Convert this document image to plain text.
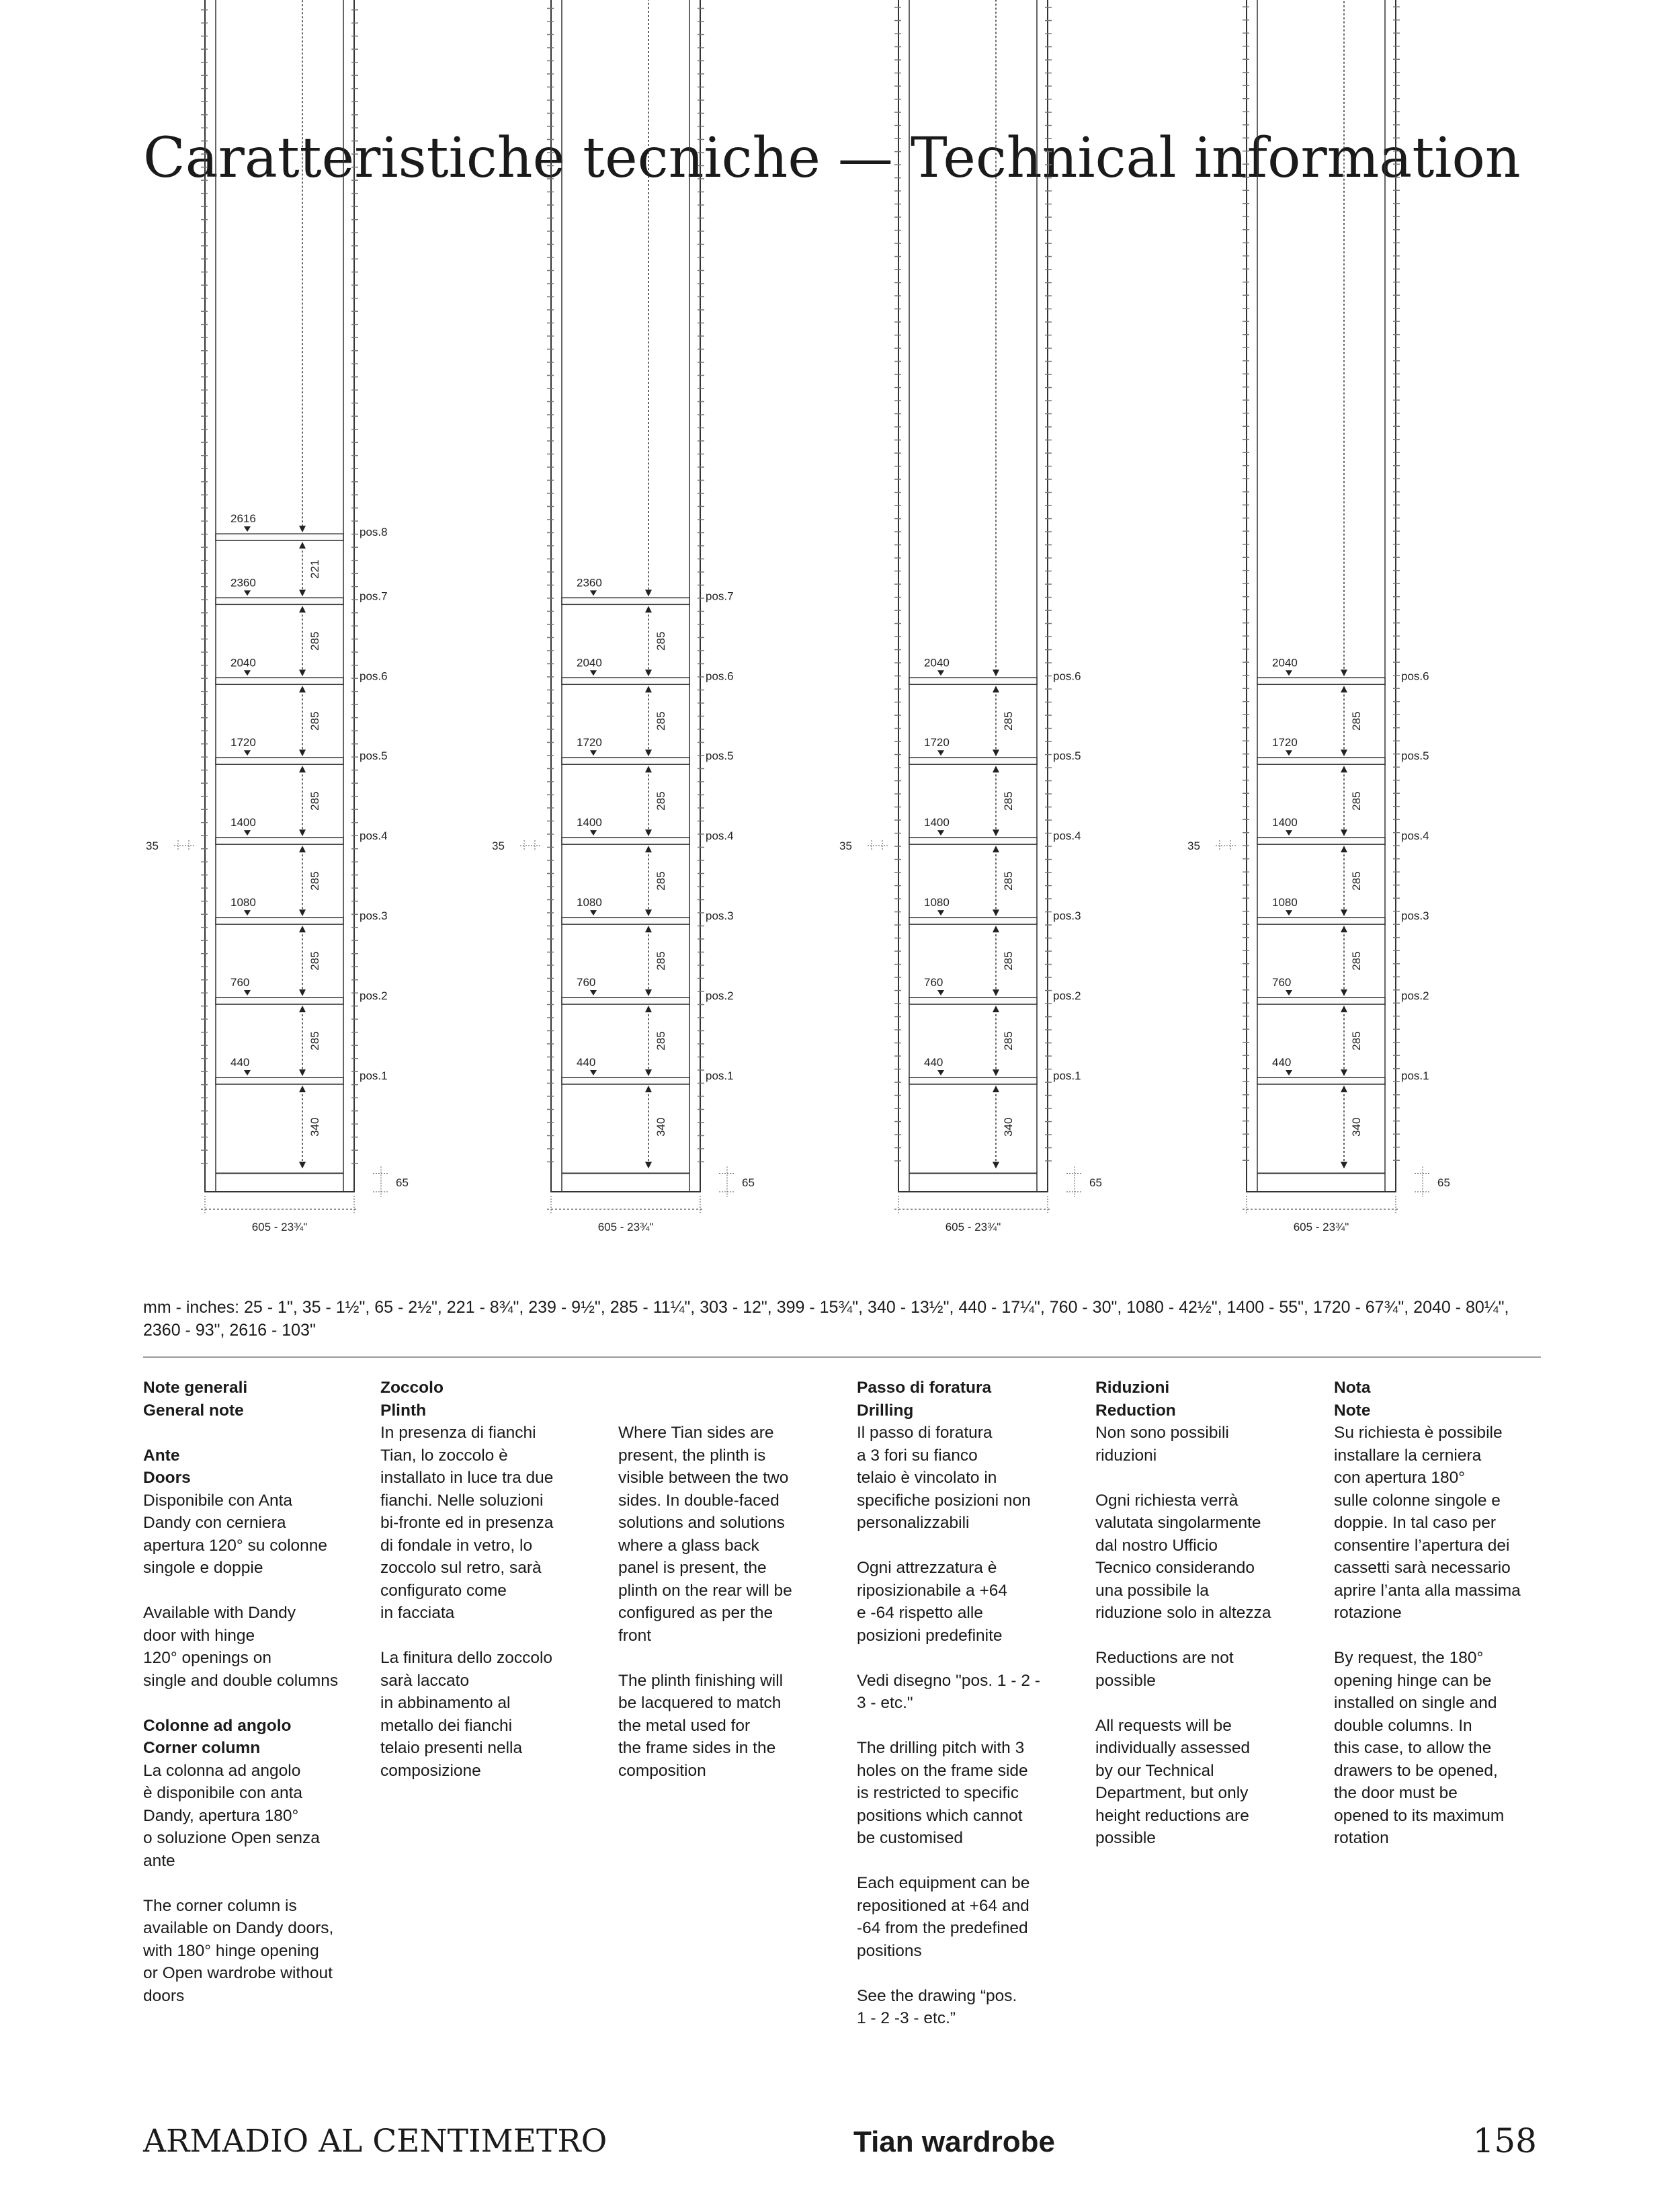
Caratteristiche tecniche — Technical information
2616
pos.8
2360
pos.7
2040
pos.6
1720
pos.5
1400
pos.4
1080
pos.3
760
pos.2
440
pos.1
221
285
285
285
285
285
285
340
35
65
605 - 23¾"
2360
pos.7
2040
pos.6
1720
pos.5
1400
pos.4
1080
pos.3
760
pos.2
440
pos.1
285
285
285
285
285
285
340
35
65
605 - 23¾"
2040
pos.6
1720
pos.5
1400
pos.4
1080
pos.3
760
pos.2
440
pos.1
285
285
285
285
285
340
35
65
605 - 23¾"
2040
pos.6
1720
pos.5
1400
pos.4
1080
pos.3
760
pos.2
440
pos.1
285
285
285
285
285
340
35
65
605 - 23¾"
mm - inches: 25 - 1", 35 - 1½", 65 - 2½", 221 - 8¾", 239 - 9½", 285 - 11¼", 303 - 12", 399 - 15¾", 340 - 13½", 440 - 17¼", 760 - 30", 1080 - 42½", 1400 - 55", 1720 - 67¾", 2040 - 80¼", 2360 - 93", 2616 - 103"

Note generali
General note

Ante
Doors
Disponibile con Anta
Dandy con cerniera
apertura 120° su colonne
singole e doppie

Available with Dandy
door with hinge
120° openings on
single and double columns

Colonne ad angolo
Corner column
La colonna ad angolo
è disponibile con anta
Dandy, apertura 180°
o soluzione Open senza
ante

The corner column is
available on Dandy doors,
with 180° hinge opening
or Open wardrobe without
doors

Zoccolo
Plinth
In presenza di fianchi
Tian, lo zoccolo è
installato in luce tra due
fianchi. Nelle soluzioni
bi-fronte ed in presenza
di fondale in vetro, lo
zoccolo sul retro, sarà
configurato come
in facciata

La finitura dello zoccolo
sarà laccato
in abbinamento al
metallo dei fianchi
telaio presenti nella
composizione

Where Tian sides are
present, the plinth is
visible between the two
sides. In double-faced
solutions and solutions
where a glass back
panel is present, the
plinth on the rear will be
configured as per the
front

The plinth finishing will
be lacquered to match
the metal used for
the frame sides in the
composition

Passo di foratura
Drilling
Il passo di foratura
a 3 fori su fianco
telaio è vincolato in
specifiche posizioni non
personalizzabili

Ogni attrezzatura è
riposizionabile a +64
e -64 rispetto alle
posizioni predefinite

Vedi disegno "pos. 1 - 2 -
3 - etc."

The drilling pitch with 3
holes on the frame side
is restricted to specific
positions which cannot
be customised

Each equipment can be
repositioned at +64 and
-64 from the predefined
positions

See the drawing “pos.
1 - 2 -3 - etc.”

Riduzioni
Reduction
Non sono possibili
riduzioni

Ogni richiesta verrà
valutata singolarmente
dal nostro Ufficio
Tecnico considerando
una possibile la
riduzione solo in altezza

Reductions are not
possible

All requests will be
individually assessed
by our Technical
Department, but only
height reductions are
possible

Nota
Note
Su richiesta è possibile
installare la cerniera
con apertura 180°
sulle colonne singole e
doppie. In tal caso per
consentire l’apertura dei
cassetti sarà necessario
aprire l’anta alla massima
rotazione

By request, the 180°
opening hinge can be
installed on single and
double columns. In
this case, to allow the
drawers to be opened,
the door must be
opened to its maximum
rotation

ARMADIO AL CENTIMETRO	Tian wardrobe	158
